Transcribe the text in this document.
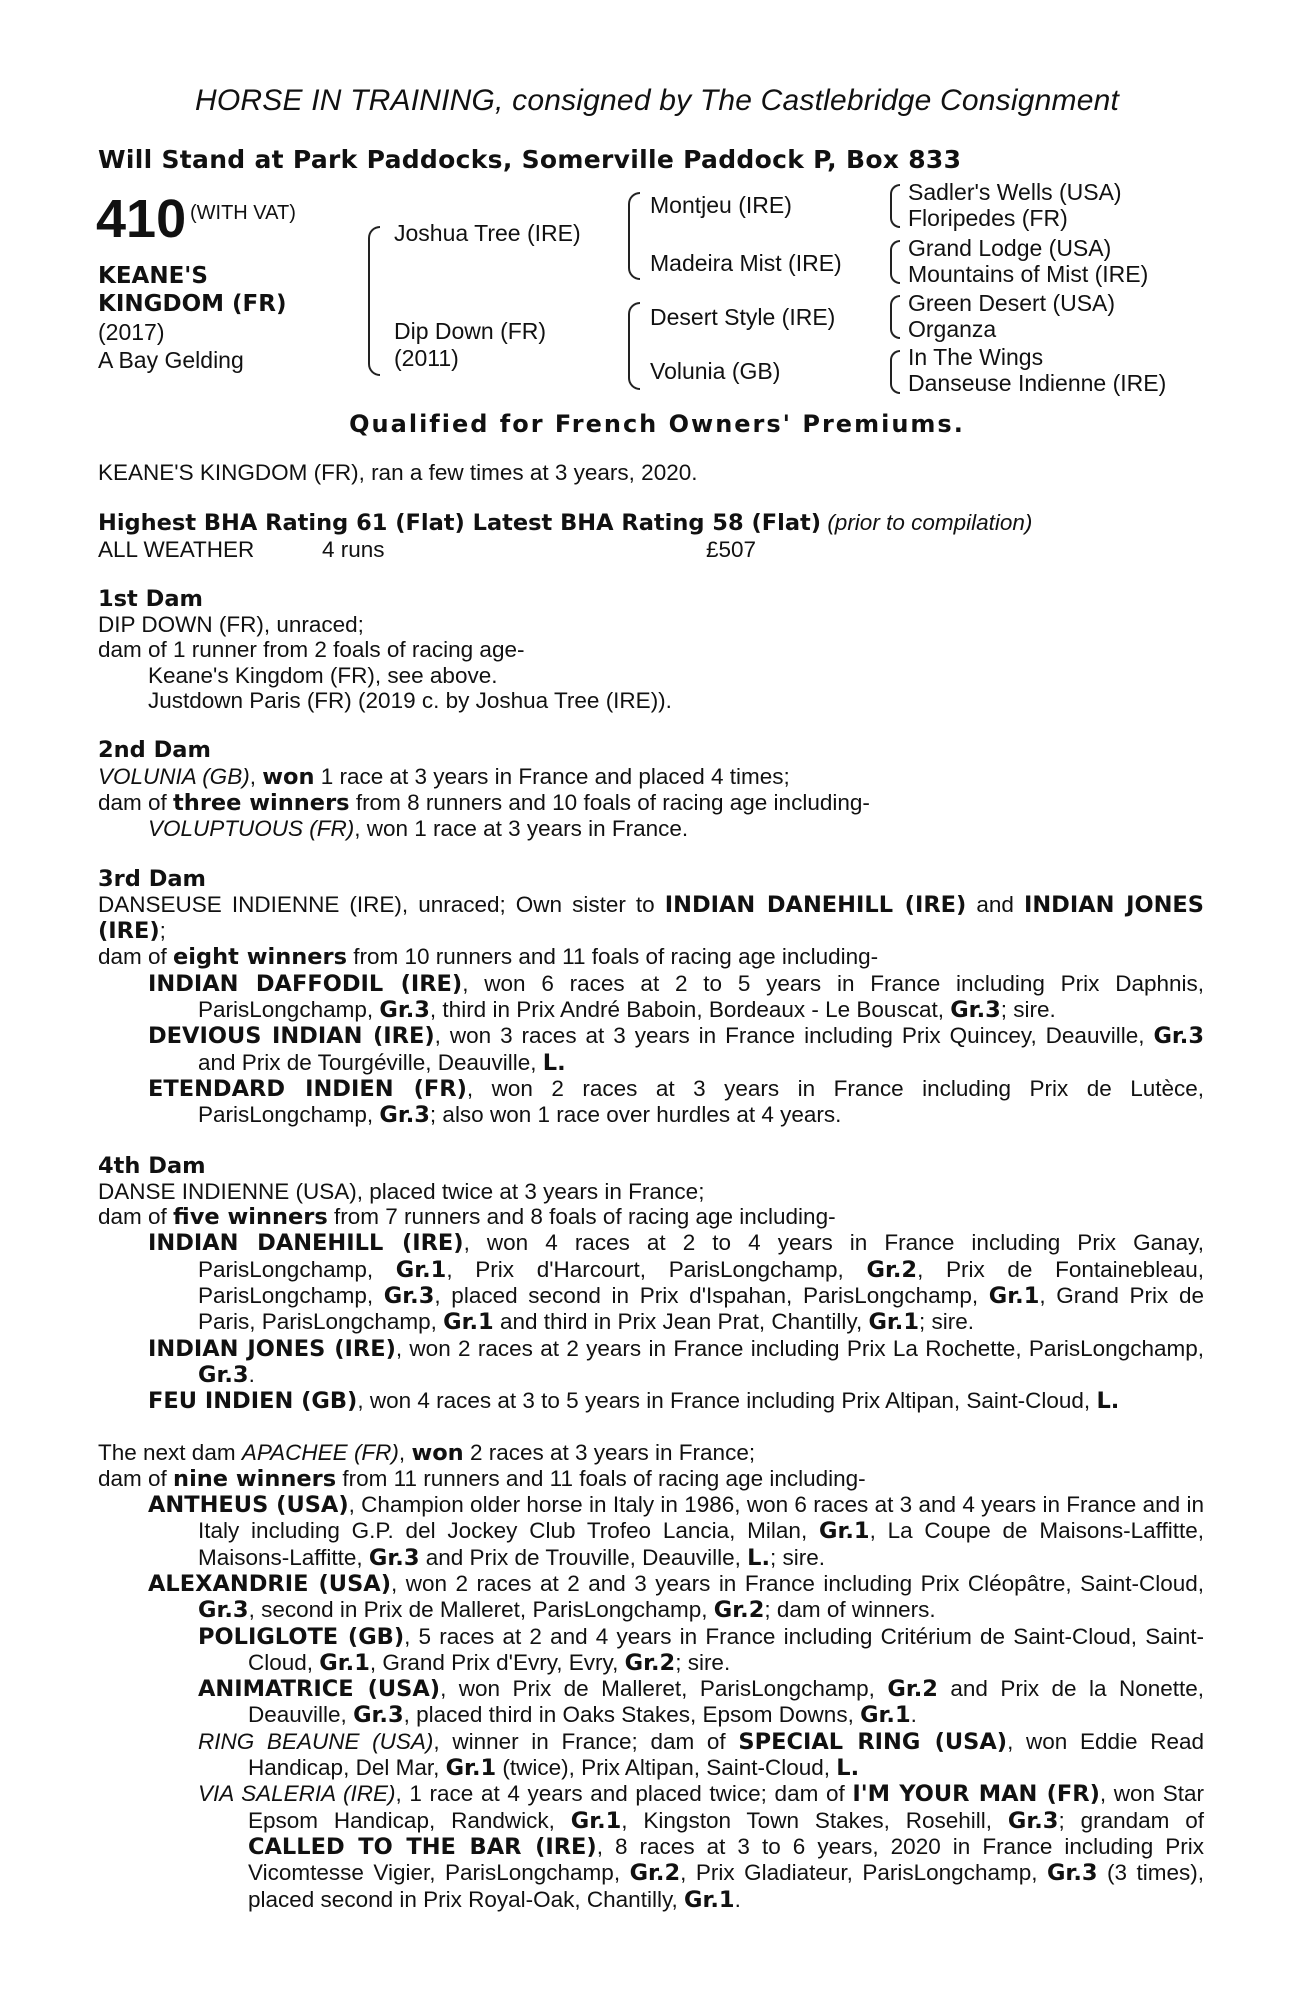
HORSE IN TRAINING, consigned by The Castlebridge Consignment
Will Stand at Park Paddocks, Somerville Paddock P, Box 833
410 (WITH VAT)
KEANE'S
KINGDOM (FR)
(2017)
A Bay Gelding
Joshua Tree (IRE)
Dip Down (FR)
(2011)
Montjeu (IRE)
Madeira Mist (IRE)
Desert Style (IRE)
Volunia (GB)
Sadler's Wells (USA)
Floripedes (FR)
Grand Lodge (USA)
Mountains of Mist (IRE)
Green Desert (USA)
Organza
In The Wings
Danseuse Indienne (IRE)
Qualified for French Owners' Premiums.

KEANE'S KINGDOM (FR), ran a few times at 3 years, 2020.

Highest BHA Rating 61 (Flat) Latest BHA Rating 58 (Flat) (prior to compilation)

ALL WEATHER	4 runs	£507

1st Dam

DIP DOWN (FR), unraced;

dam of 1 runner from 2 foals of racing age-

Keane's Kingdom (FR), see above.

Justdown Paris (FR) (2019 c. by Joshua Tree (IRE)).

2nd Dam

VOLUNIA (GB), won 1 race at 3 years in France and placed 4 times;

dam of three winners from 8 runners and 10 foals of racing age including-

VOLUPTUOUS (FR), won 1 race at 3 years in France.

3rd Dam

DANSEUSE INDIENNE (IRE), unraced; Own sister to INDIAN DANEHILL (IRE) and INDIAN JONES (IRE);

dam of eight winners from 10 runners and 11 foals of racing age including-

INDIAN DAFFODIL (IRE), won 6 races at 2 to 5 years in France including Prix Daphnis, ParisLongchamp, Gr.3, third in Prix André Baboin, Bordeaux - Le Bouscat, Gr.3; sire.

DEVIOUS INDIAN (IRE), won 3 races at 3 years in France including Prix Quincey, Deauville, Gr.3 and Prix de Tourgéville, Deauville, L.

ETENDARD INDIEN (FR), won 2 races at 3 years in France including Prix de Lutèce, ParisLongchamp, Gr.3; also won 1 race over hurdles at 4 years.

4th Dam

DANSE INDIENNE (USA), placed twice at 3 years in France;

dam of five winners from 7 runners and 8 foals of racing age including-

INDIAN DANEHILL (IRE), won 4 races at 2 to 4 years in France including Prix Ganay, ParisLongchamp, Gr.1, Prix d'Harcourt, ParisLongchamp, Gr.2, Prix de Fontainebleau, ParisLongchamp, Gr.3, placed second in Prix d'Ispahan, ParisLongchamp, Gr.1, Grand Prix de Paris, ParisLongchamp, Gr.1 and third in Prix Jean Prat, Chantilly, Gr.1; sire.

INDIAN JONES (IRE), won 2 races at 2 years in France including Prix La Rochette, ParisLongchamp, Gr.3.

FEU INDIEN (GB), won 4 races at 3 to 5 years in France including Prix Altipan, Saint-Cloud, L.

The next dam APACHEE (FR), won 2 races at 3 years in France;

dam of nine winners from 11 runners and 11 foals of racing age including-

ANTHEUS (USA), Champion older horse in Italy in 1986, won 6 races at 3 and 4 years in France and in Italy including G.P. del Jockey Club Trofeo Lancia, Milan, Gr.1, La Coupe de Maisons-Laffitte, Maisons-Laffitte, Gr.3 and Prix de Trouville, Deauville, L.; sire.

ALEXANDRIE (USA), won 2 races at 2 and 3 years in France including Prix Cléopâtre, Saint-Cloud, Gr.3, second in Prix de Malleret, ParisLongchamp, Gr.2; dam of winners.

POLIGLOTE (GB), 5 races at 2 and 4 years in France including Critérium de Saint-Cloud, Saint-Cloud, Gr.1, Grand Prix d'Evry, Evry, Gr.2; sire.

ANIMATRICE (USA), won Prix de Malleret, ParisLongchamp, Gr.2 and Prix de la Nonette, Deauville, Gr.3, placed third in Oaks Stakes, Epsom Downs, Gr.1.

RING BEAUNE (USA), winner in France; dam of SPECIAL RING (USA), won Eddie Read Handicap, Del Mar, Gr.1 (twice), Prix Altipan, Saint-Cloud, L.

VIA SALERIA (IRE), 1 race at 4 years and placed twice; dam of I'M YOUR MAN (FR), won Star Epsom Handicap, Randwick, Gr.1, Kingston Town Stakes, Rosehill, Gr.3; grandam of CALLED TO THE BAR (IRE), 8 races at 3 to 6 years, 2020 in France including Prix Vicomtesse Vigier, ParisLongchamp, Gr.2, Prix Gladiateur, ParisLongchamp, Gr.3 (3 times), placed second in Prix Royal-Oak, Chantilly, Gr.1.
